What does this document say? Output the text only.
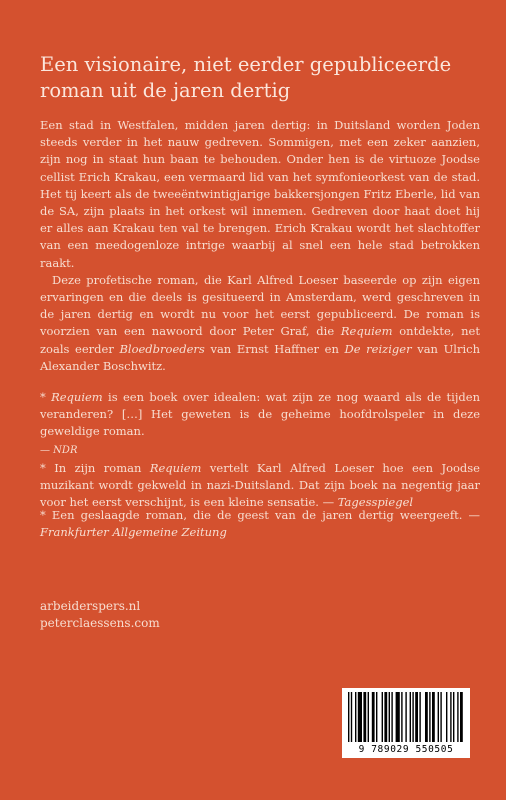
Een visionaire, niet eerder gepubliceerde roman uit de jaren dertig

Een stad in Westfalen, midden jaren dertig: in Duitsland worden Joden steeds verder in het nauw gedreven. Sommigen, met een zeker aanzien, zijn nog in staat hun baan te behouden. Onder hen is de virtuoze Joodse cellist Erich Krakau, een vermaard lid van het symfonieorkest van de stad. Het tij keert als de tweeëntwintigjarige bakkersjongen Fritz Eberle, lid van de SA, zijn plaats in het orkest wil innemen. Gedreven door haat doet hij er alles aan Krakau ten val te brengen. Erich Krakau wordt het slachtoffer van een meedogenloze intrige waarbij al snel een hele stad betrokken raakt.

Deze profetische roman, die Karl Alfred Loeser baseerde op zijn eigen ervaringen en die deels is gesitueerd in Amsterdam, werd geschreven in de jaren dertig en wordt nu voor het eerst gepubliceerd. De roman is voorzien van een nawoord door Peter Graf, die Requiem ontdekte, net zoals eerder Bloedbroeders van Ernst Haffner en De reiziger van Ulrich Alexander Boschwitz.

* Requiem is een boek over idealen: wat zijn ze nog waard als de tijden veranderen? […] Het geweten is de geheime hoofdrolspeler in deze geweldige roman.
— NDR

* In zijn roman Requiem vertelt Karl Alfred Loeser hoe een Joodse muzikant wordt gekweld in nazi-Duitsland. Dat zijn boek na negentig jaar voor het eerst verschijnt, is een kleine sensatie. — Tagesspiegel

* Een geslaagde roman, die de geest van de jaren dertig weergeeft. — Frankfurter Allgemeine Zeitung

arbeiderspers.nl
peterclaessens.com
9 789029 550505
